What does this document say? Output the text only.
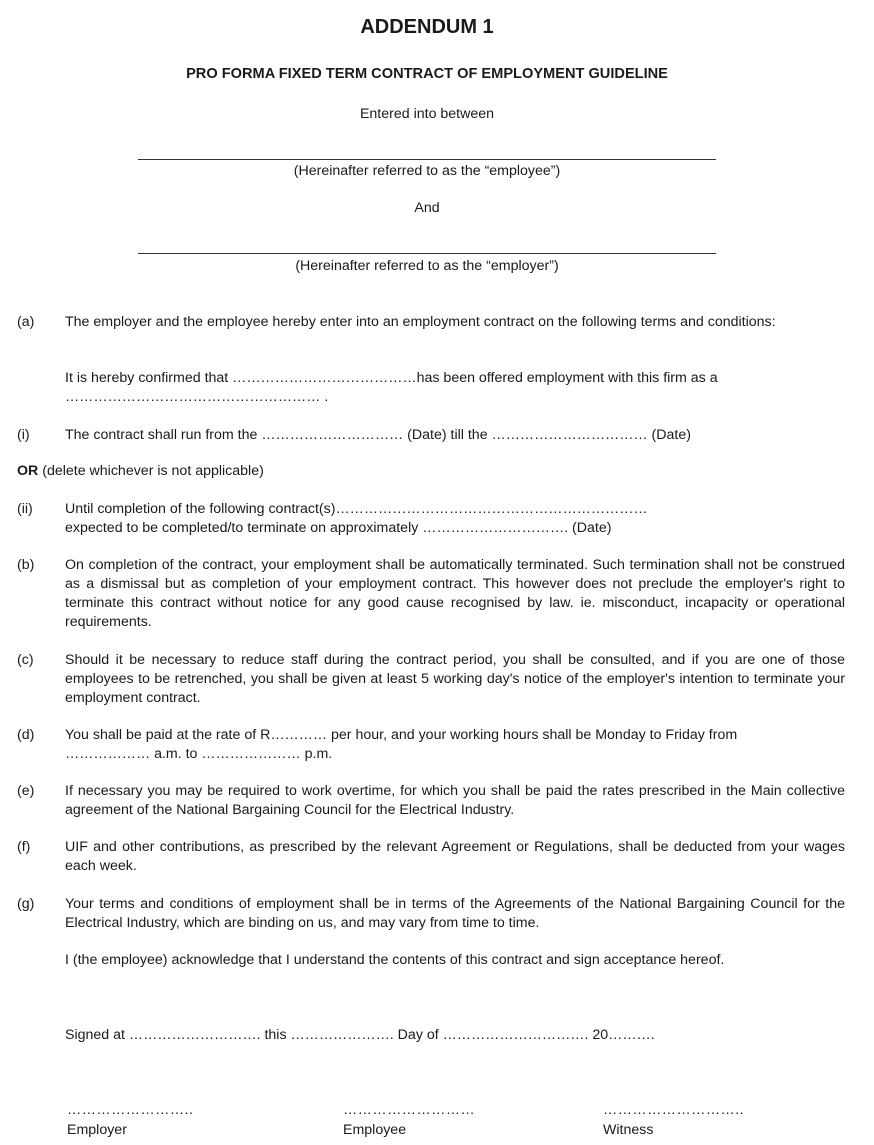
ADDENDUM 1
PRO FORMA FIXED TERM CONTRACT OF EMPLOYMENT GUIDELINE
Entered into between
(Hereinafter referred to as the “employee”)
And
(Hereinafter referred to as the “employer”)
(a) The employer and the employee hereby enter into an employment contract on the following terms and conditions:
It is hereby confirmed that …………………………………has been offered employment with this firm as a
……………………………………………… .
(i) The contract shall run from the ………………………… (Date) till the …………………………… (Date)
OR (delete whichever is not applicable)
(ii) Until completion of the following contract(s)…………………………………………………………
expected to be completed/to terminate on approximately …………………………. (Date)
(b) On completion of the contract, your employment shall be automatically terminated. Such termination shall not be construed as a dismissal but as completion of your employment contract. This however does not preclude the employer's right to terminate this contract without notice for any good cause recognised by law. ie. misconduct, incapacity or operational requirements.
(c) Should it be necessary to reduce staff during the contract period, you shall be consulted, and if you are one of those employees to be retrenched, you shall be given at least 5 working day's notice of the employer's intention to terminate your employment contract.
(d) You shall be paid at the rate of R………… per hour, and your working hours shall be Monday to Friday from
……………… a.m. to ………………… p.m.
(e) If necessary you may be required to work overtime, for which you shall be paid the rates prescribed in the Main collective agreement of the National Bargaining Council for the Electrical Industry.
(f) UIF and other contributions, as prescribed by the relevant Agreement or Regulations, shall be deducted from your wages each week.
(g) Your terms and conditions of employment shall be in terms of the Agreements of the National Bargaining Council for the Electrical Industry, which are binding on us, and may vary from time to time.
I (the employee) acknowledge that I understand the contents of this contract and sign acceptance hereof.
Signed at ………………………. this …………………. Day of …………………………. 20……….
……………………..
Employer
………………………
Employee
………………………..
Witness
